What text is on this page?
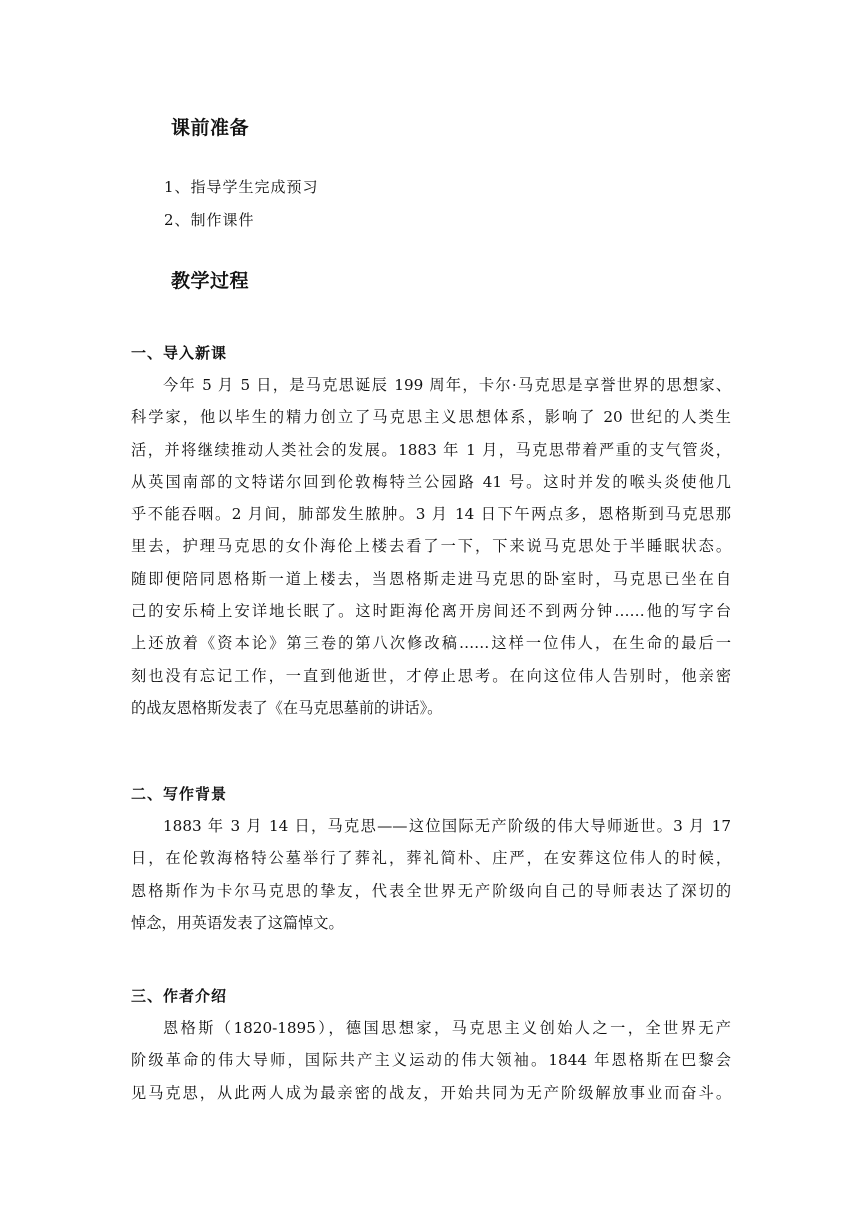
课前准备
1、指导学生完成预习
2、制作课件
教学过程
一、导入新课
今年 5 月 5 日，是马克思诞辰 199 周年，卡尔·马克思是享誉世界的思想家、
科学家，他以毕生的精力创立了马克思主义思想体系，影响了 20 世纪的人类生
活，并将继续推动人类社会的发展。1883 年 1 月，马克思带着严重的支气管炎，
从英国南部的文特诺尔回到伦敦梅特兰公园路 41 号。这时并发的喉头炎使他几
乎不能吞咽。2 月间，肺部发生脓肿。3 月 14 日下午两点多，恩格斯到马克思那
里去，护理马克思的女仆海伦上楼去看了一下，下来说马克思处于半睡眠状态。
随即便陪同恩格斯一道上楼去，当恩格斯走进马克思的卧室时，马克思已坐在自
己的安乐椅上安详地长眠了。这时距海伦离开房间还不到两分钟……他的写字台
上还放着《资本论》第三卷的第八次修改稿……这样一位伟人，在生命的最后一
刻也没有忘记工作，一直到他逝世，才停止思考。在向这位伟人告别时，他亲密
的战友恩格斯发表了《在马克思墓前的讲话》。
二、写作背景
1883 年 3 月 14 日，马克思——这位国际无产阶级的伟大导师逝世。3 月 17
日，在伦敦海格特公墓举行了葬礼，葬礼简朴、庄严，在安葬这位伟人的时候，
恩格斯作为卡尔马克思的挚友，代表全世界无产阶级向自己的导师表达了深切的
悼念，用英语发表了这篇悼文。
三、作者介绍
恩格斯（1820-1895），德国思想家，马克思主义创始人之一，全世界无产
阶级革命的伟大导师，国际共产主义运动的伟大领袖。1844 年恩格斯在巴黎会
见马克思，从此两人成为最亲密的战友，开始共同为无产阶级解放事业而奋斗。
